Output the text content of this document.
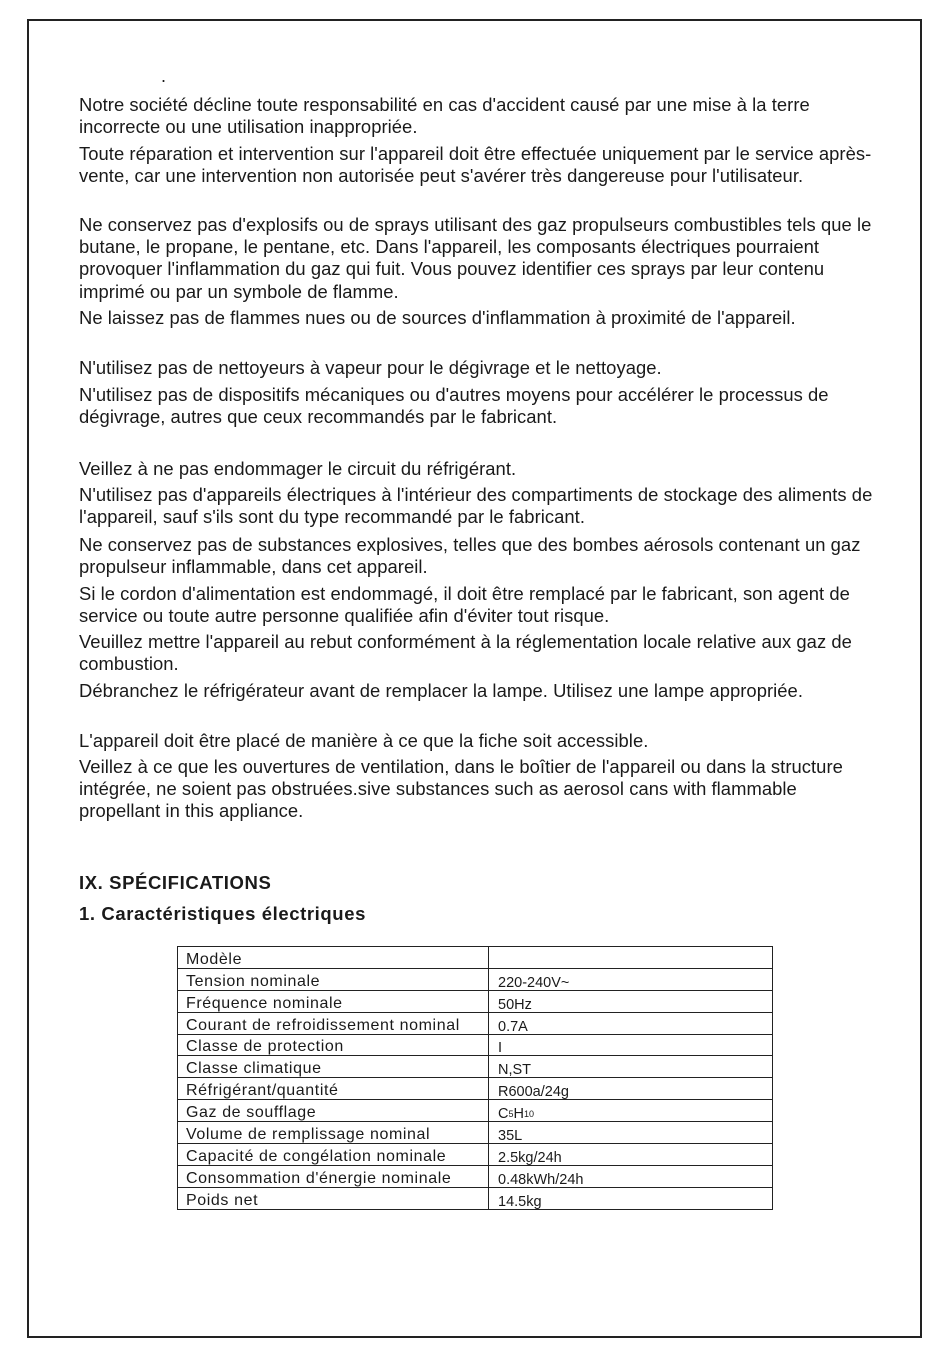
.

Notre société décline toute responsabilité en cas d'accident causé par une mise à la terre incorrecte ou une utilisation inappropriée.

Toute réparation et intervention sur l'appareil doit être effectuée uniquement par le service après-vente, car une intervention non autorisée peut s'avérer très dangereuse pour l'utilisateur.

Ne conservez pas d'explosifs ou de sprays utilisant des gaz propulseurs combustibles tels que le butane, le propane, le pentane, etc. Dans l'appareil, les composants électriques pourraient provoquer l'inflammation du gaz qui fuit. Vous pouvez identifier ces sprays par leur contenu imprimé ou par un symbole de flamme.

Ne laissez pas de flammes nues ou de sources d'inflammation à proximité de l'appareil.

N'utilisez pas de nettoyeurs à vapeur pour le dégivrage et le nettoyage.

N'utilisez pas de dispositifs mécaniques ou d'autres moyens pour accélérer le processus de dégivrage, autres que ceux recommandés par le fabricant.

Veillez à ne pas endommager le circuit du réfrigérant.

N'utilisez pas d'appareils électriques à l'intérieur des compartiments de stockage des aliments de l'appareil, sauf s'ils sont du type recommandé par le fabricant.

Ne conservez pas de substances explosives, telles que des bombes aérosols contenant un gaz propulseur inflammable, dans cet appareil.

Si le cordon d'alimentation est endommagé, il doit être remplacé par le fabricant, son agent de service ou toute autre personne qualifiée afin d'éviter tout risque.

Veuillez mettre l'appareil au rebut conformément à la réglementation locale relative aux gaz de combustion.

Débranchez le réfrigérateur avant de remplacer la lampe. Utilisez une lampe appropriée.

L'appareil doit être placé de manière à ce que la fiche soit accessible.

Veillez à ce que les ouvertures de ventilation, dans le boîtier de l'appareil ou dans la structure intégrée, ne soient pas obstruées.sive substances such as aerosol cans with flammable propellant in this appliance.

IX. SPÉCIFICATIONS
1. Caractéristiques électriques
Modèle	
Tension nominale	220-240V~
Fréquence nominale	50Hz
Courant de refroidissement nominal	0.7A
Classe de protection	I
Classe climatique	N,ST
Réfrigérant/quantité	R600a/24g
Gaz de soufflage	$C_5H_{10}$
Volume de remplissage nominal	35L
Capacité de congélation nominale	2.5kg/24h
Consommation d'énergie nominale	0.48kWh/24h
Poids net	14.5kg
